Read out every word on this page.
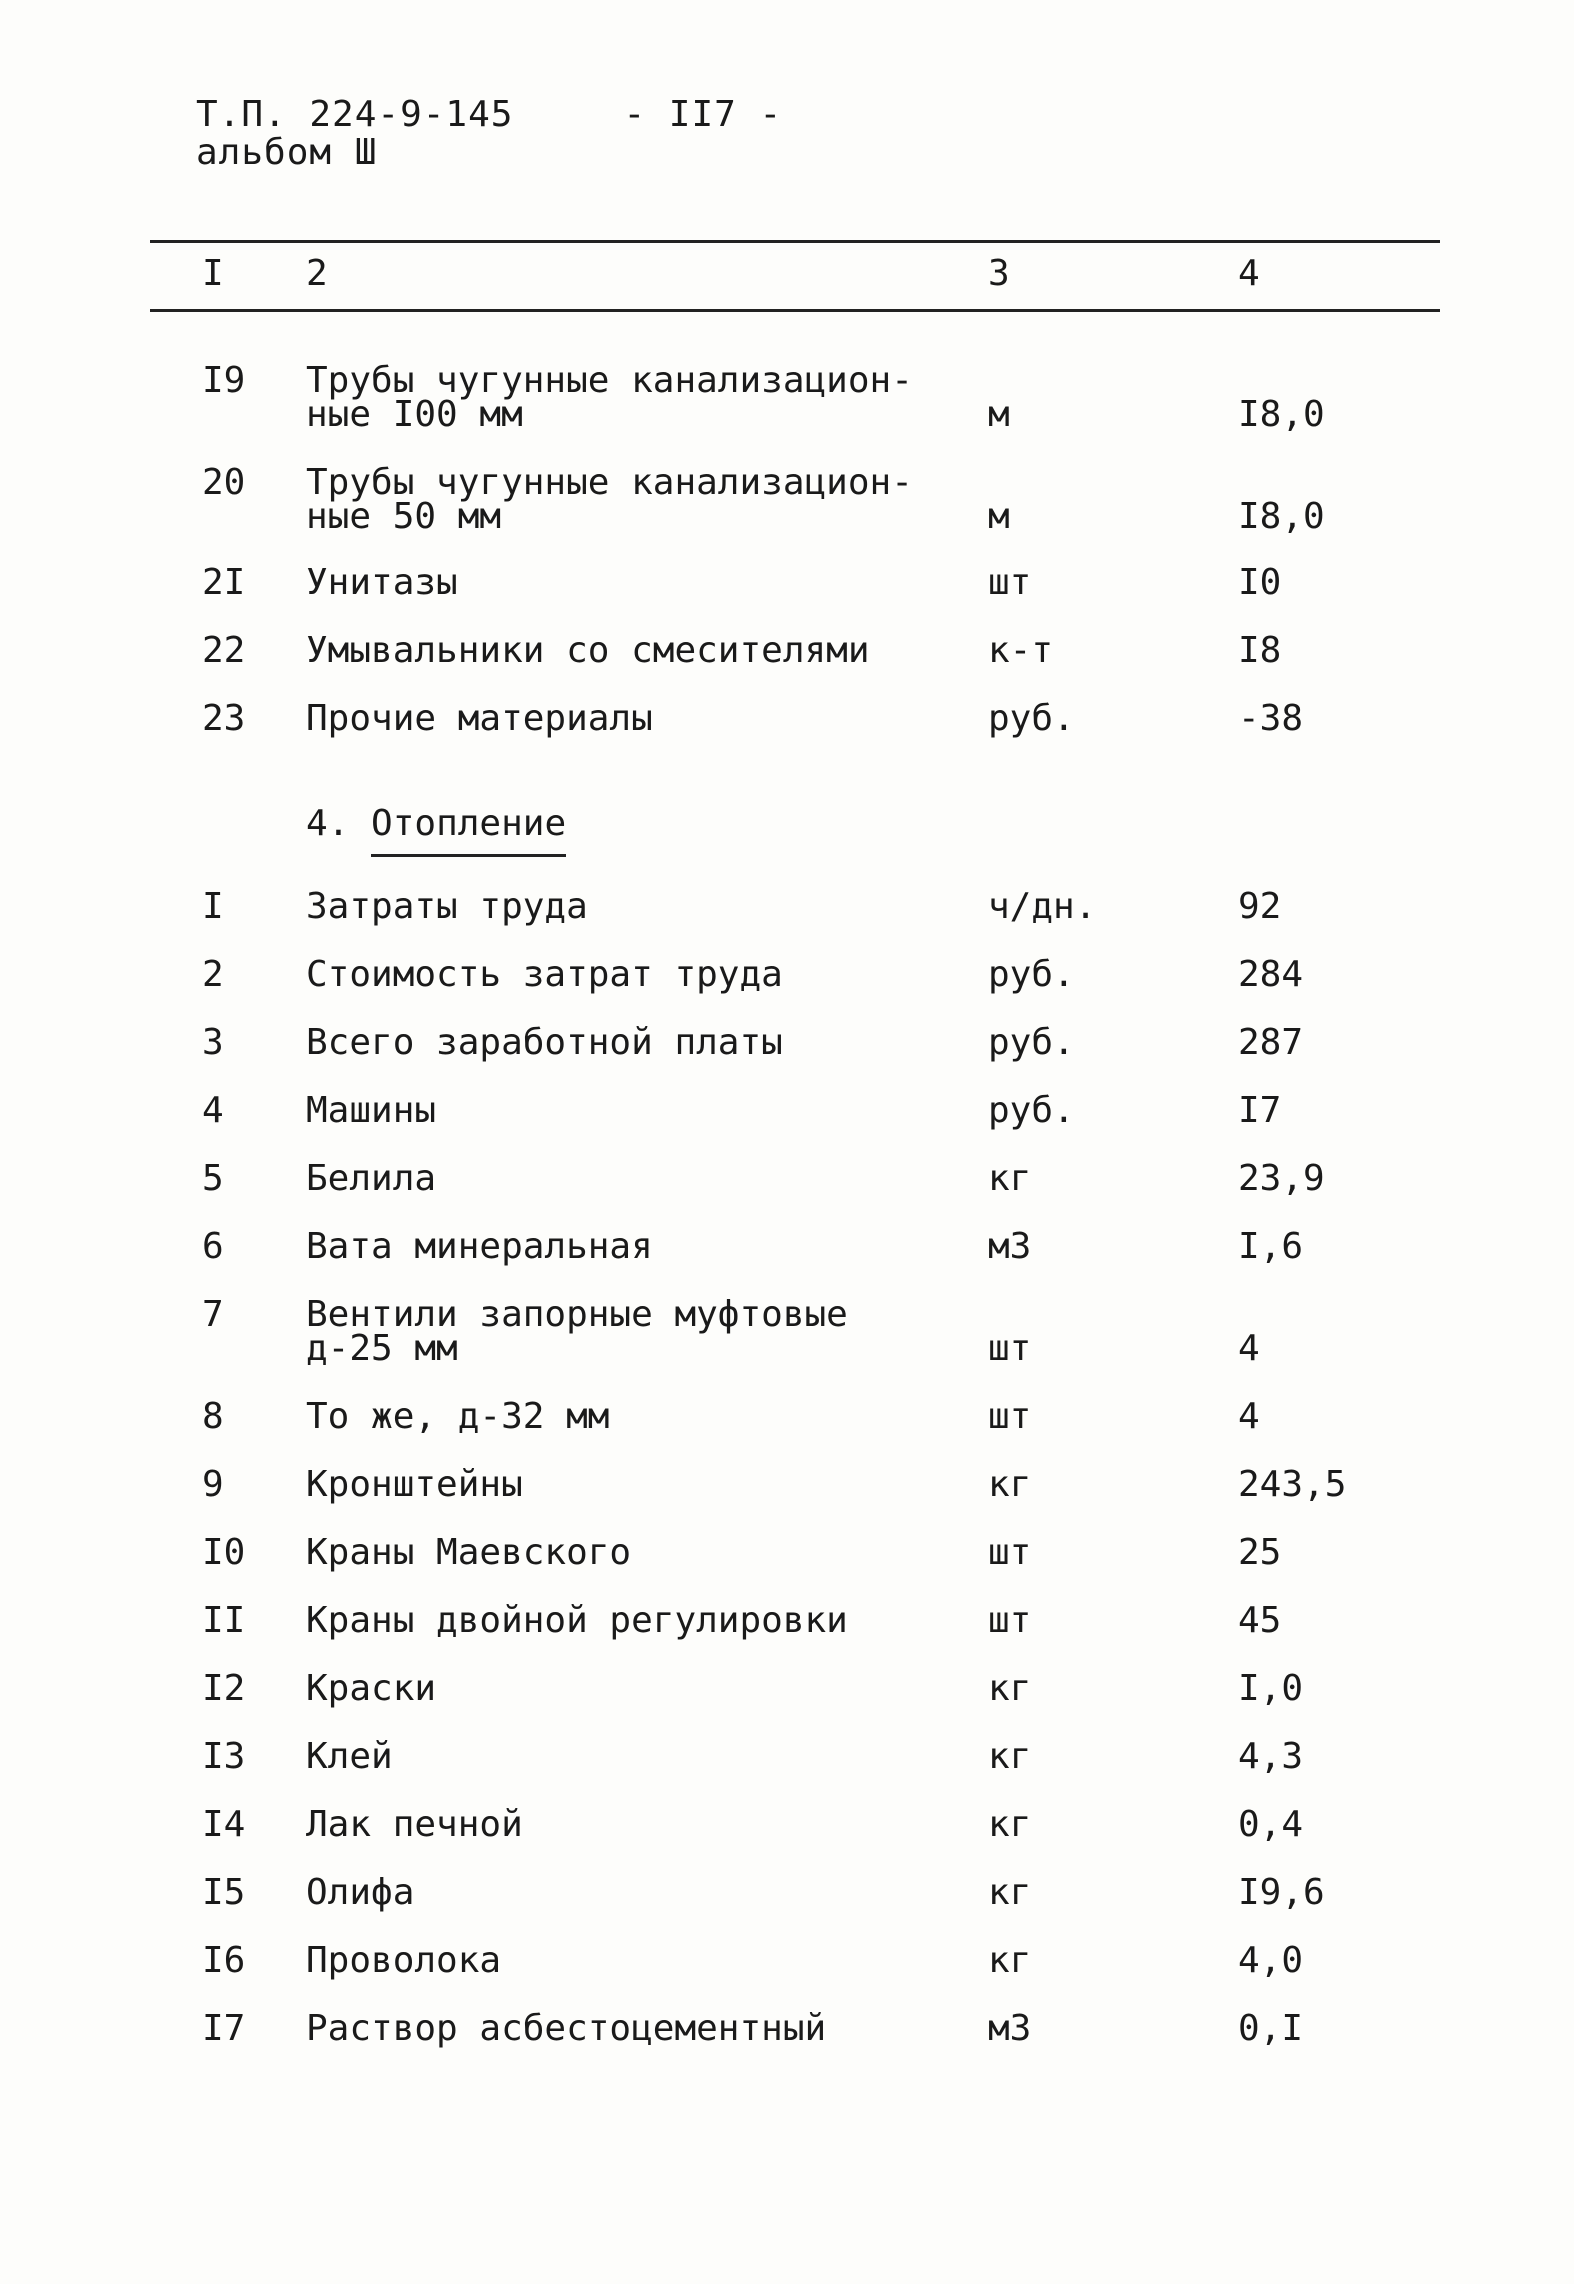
Т.П. 224-9-145	- II7 -
альбом Ш
I 2	3	4
I9 Трубы чугунные канализацион-
ные I00 мм	м	I8,0
20 Трубы чугунные канализацион-
ные 50 мм	м	I8,0
2I Унитазы	шт	I0
22 Умывальники со смесителями	к-т	I8
23 Прочие материалы	руб.	-38
4. Отопление
I Затраты труда	ч/дн.	92
2 Стоимость затрат труда	руб.	284
3 Всего заработной платы	руб.	287
4 Машины	руб.	I7
5 Белила	кг	23,9
6 Вата минеральная	м3	I,6
7 Вентили запорные муфтовые
д-25 мм	шт	4
8 То же, д-32 мм	шт	4
9 Кронштейны	кг	243,5
I0 Краны Маевского	шт	25
II Краны двойной регулировки	шт	45
I2 Краски	кг	I,0
I3 Клей	кг	4,3
I4 Лак печной	кг	0,4
I5 Олифа	кг	I9,6
I6 Проволока	кг	4,0
I7 Раствор асбестоцементный	м3	0,I
